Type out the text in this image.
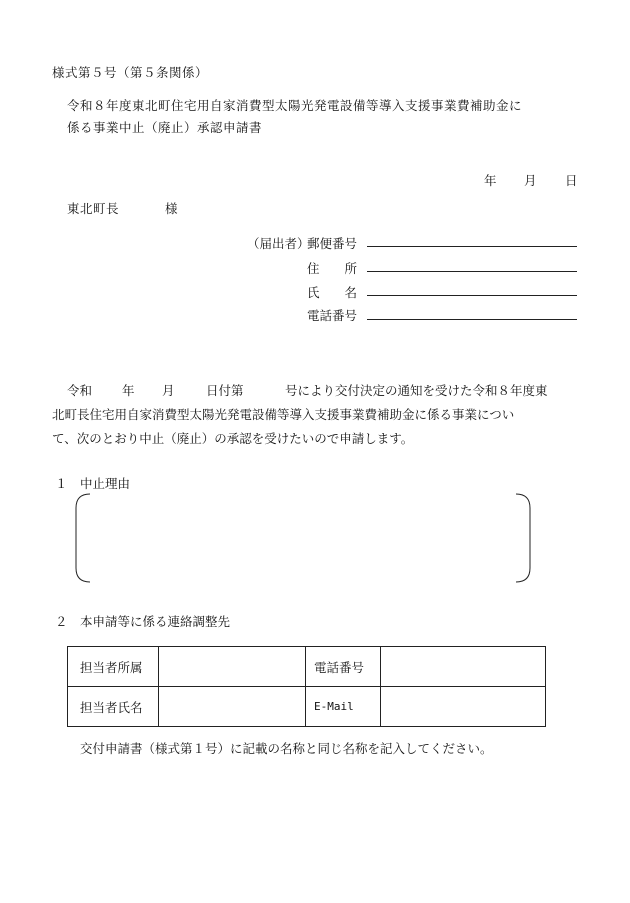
様式第５号（第５条関係）
令和８年度東北町住宅用自家消費型太陽光発電設備等導入支援事業費補助金に
係る事業中止（廃止）承認申請書
年 月 日
東北町長	様
（届出者）
郵便番号
住　　所
氏　　名
電話番号
令和 年 月	日付第	号により交付決定の通知を受けた令和８年度東
北町長住宅用自家消費型太陽光発電設備等導入支援事業費補助金に係る事業につい
て、次のとおり中止（廃止）の承認を受けたいので申請します。
１ 中止理由
２ 本申請等に係る連絡調整先
担当者所属		電話番号	
担当者氏名		E-Mail	
交付申請書（様式第１号）に記載の名称と同じ名称を記入してください。
